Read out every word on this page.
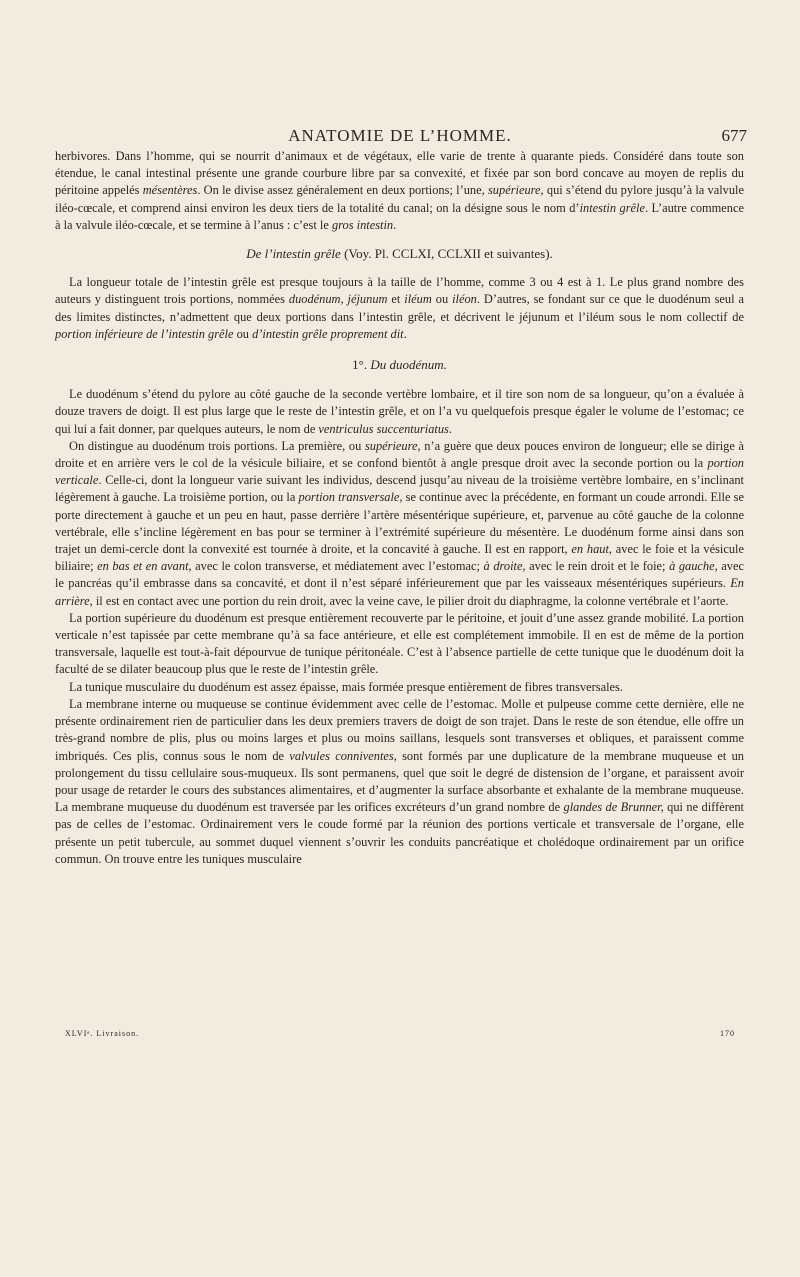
ANATOMIE DE L’HOMME.	677

herbivores. Dans l’homme, qui se nourrit d’animaux et de végétaux, elle varie de trente à quarante pieds. Considéré dans toute son étendue, le canal intestinal présente une grande courbure libre par sa convexité, et fixée par son bord concave au moyen de replis du péritoine appelés mésentères. On le divise assez généralement en deux portions; l’une, supérieure, qui s’étend du pylore jusqu’à la valvule iléo-cœcale, et comprend ainsi environ les deux tiers de la totalité du canal; on la désigne sous le nom d’intestin grêle. L’autre commence à la valvule iléo-cœcale, et se termine à l’anus : c’est le gros intestin.

De l’intestin grêle (Voy. Pl. CCLXI, CCLXII et suivantes).

La longueur totale de l’intestin grêle est presque toujours à la taille de l’homme, comme 3 ou 4 est à 1. Le plus grand nombre des auteurs y distinguent trois portions, nommées duodénum, jéjunum et iléum ou iléon. D’autres, se fondant sur ce que le duodénum seul a des limites distinctes, n’admettent que deux portions dans l’intestin grêle, et décrivent le jéjunum et l’iléum sous le nom collectif de portion inférieure de l’intestin grêle ou d’intestin grêle proprement dit.

1°. Du duodénum.

Le duodénum s’étend du pylore au côté gauche de la seconde vertèbre lombaire, et il tire son nom de sa longueur, qu’on a évaluée à douze travers de doigt. Il est plus large que le reste de l’intestin grêle, et on l’a vu quelquefois presque égaler le volume de l’estomac; ce qui lui a fait donner, par quelques auteurs, le nom de ventriculus succenturiatus.

On distingue au duodénum trois portions. La première, ou supérieure, n’a guère que deux pouces environ de longueur; elle se dirige à droite et en arrière vers le col de la vésicule biliaire, et se confond bientôt à angle presque droit avec la seconde portion ou la portion verticale. Celle-ci, dont la longueur varie suivant les individus, descend jusqu’au niveau de la troisième vertèbre lombaire, en s’inclinant légèrement à gauche. La troisième portion, ou la portion transversale, se continue avec la précédente, en formant un coude arrondi. Elle se porte directement à gauche et un peu en haut, passe derrière l’artère mésentérique supérieure, et, parvenue au côté gauche de la colonne vertébrale, elle s’incline légèrement en bas pour se terminer à l’extrémité supérieure du mésentère. Le duodénum forme ainsi dans son trajet un demi-cercle dont la convexité est tournée à droite, et la concavité à gauche. Il est en rapport, en haut, avec le foie et la vésicule biliaire; en bas et en avant, avec le colon transverse, et médiatement avec l’estomac; à droite, avec le rein droit et le foie; à gauche, avec le pancréas qu’il embrasse dans sa concavité, et dont il n’est séparé inférieurement que par les vaisseaux mésentériques supérieurs. En arrière, il est en contact avec une portion du rein droit, avec la veine cave, le pilier droit du diaphragme, la colonne vertébrale et l’aorte.

La portion supérieure du duodénum est presque entièrement recouverte par le péritoine, et jouit d’une assez grande mobilité. La portion verticale n’est tapissée par cette membrane qu’à sa face antérieure, et elle est complétement immobile. Il en est de même de la portion transversale, laquelle est tout-à-fait dépourvue de tunique péritonéale. C’est à l’absence partielle de cette tunique que le duodénum doit la faculté de se dilater beaucoup plus que le reste de l’intestin grêle.

La tunique musculaire du duodénum est assez épaisse, mais formée presque entièrement de fibres transversales.

La membrane interne ou muqueuse se continue évidemment avec celle de l’estomac. Molle et pulpeuse comme cette dernière, elle ne présente ordinairement rien de particulier dans les deux premiers travers de doigt de son trajet. Dans le reste de son étendue, elle offre un très-grand nombre de plis, plus ou moins larges et plus ou moins saillans, lesquels sont transverses et obliques, et paraissent comme imbriqués. Ces plis, connus sous le nom de valvules conniventes, sont formés par une duplicature de la membrane muqueuse et un prolongement du tissu cellulaire sous-muqueux. Ils sont permanens, quel que soit le degré de distension de l’organe, et paraissent avoir pour usage de retarder le cours des substances alimentaires, et d’augmenter la surface absorbante et exhalante de la membrane muqueuse. La membrane muqueuse du duodénum est traversée par les orifices excréteurs d’un grand nombre de glandes de Brunner, qui ne diffèrent pas de celles de l’estomac. Ordinairement vers le coude formé par la réunion des portions verticale et transversale de l’organe, elle présente un petit tubercule, au sommet duquel viennent s’ouvrir les conduits pancréatique et cholédoque ordinairement par un orifice commun. On trouve entre les tuniques musculaire

XLVIᵉ. Livraison.	170
